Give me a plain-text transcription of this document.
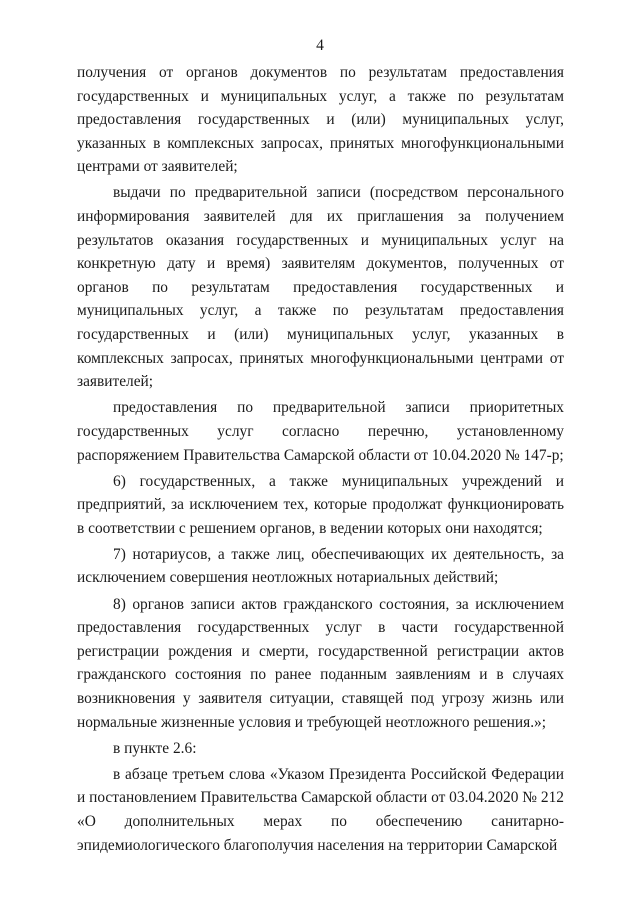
4

получения от органов документов по результатам предоставления государственных и муниципальных услуг, а также по результатам предоставления государственных и (или) муниципальных услуг, указанных в комплексных запросах, принятых многофункциональными центрами от заявителей;

выдачи по предварительной записи (посредством персонального информирования заявителей для их приглашения за получением результатов оказания государственных и муниципальных услуг на конкретную дату и время) заявителям документов, полученных от органов по результатам предоставления государственных и муниципальных услуг, а также по результатам предоставления государственных и (или) муниципальных услуг, указанных в комплексных запросах, принятых многофункциональными центрами от заявителей;

предоставления по предварительной записи приоритетных государственных услуг согласно перечню, установленному распоряжением Правительства Самарской области от 10.04.2020 № 147-р;

6) государственных, а также муниципальных учреждений и предприятий, за исключением тех, которые продолжат функционировать в соответствии с решением органов, в ведении которых они находятся;

7) нотариусов, а также лиц, обеспечивающих их деятельность, за исключением совершения неотложных нотариальных действий;

8) органов записи актов гражданского состояния, за исключением предоставления государственных услуг в части государственной регистрации рождения и смерти, государственной регистрации актов гражданского состояния по ранее поданным заявлениям и в случаях возникновения у заявителя ситуации, ставящей под угрозу жизнь или нормальные жизненные условия и требующей неотложного решения.»;

в пункте 2.6:

в абзаце третьем слова «Указом Президента Российской Федерации и постановлением Правительства Самарской области от 03.04.2020 № 212 «О дополнительных мерах по обеспечению санитарно-эпидемиологического благополучия населения на территории Самарской
